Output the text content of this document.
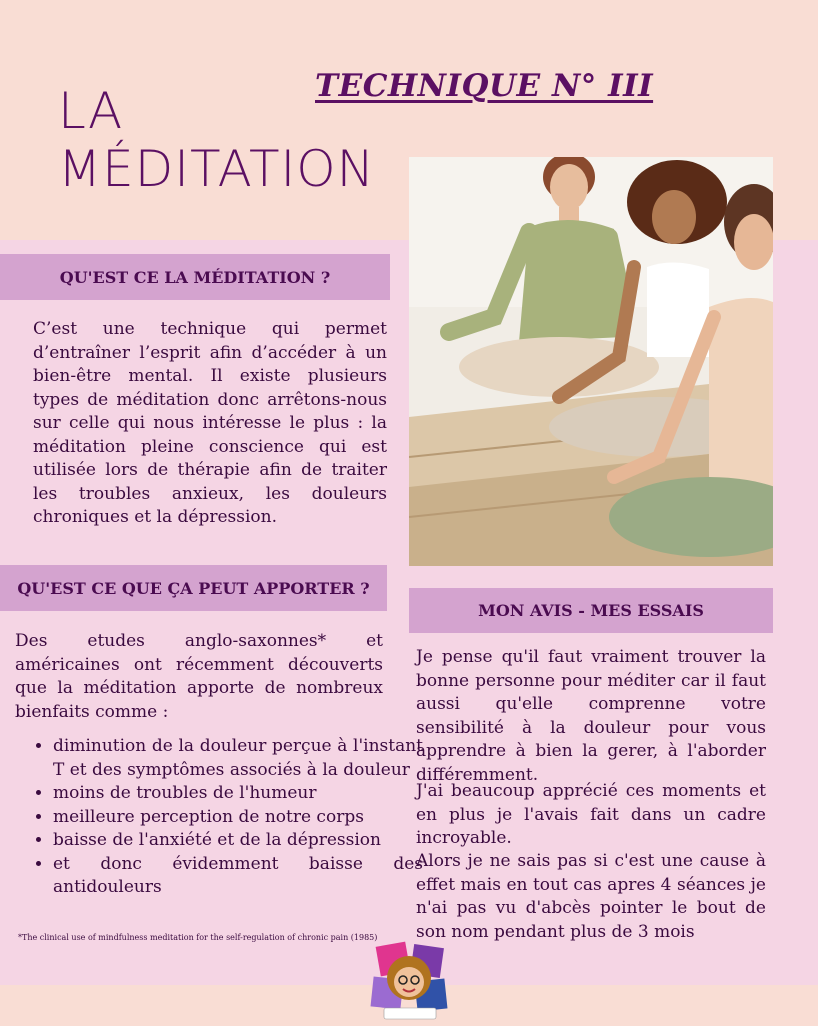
TECHNIQUE N° III
LA
MÉDITATION
QU'EST CE LA MÉDITATION ?
C’est une technique qui permet d’entraîner l’esprit afin d’accéder à un bien-être mental. Il existe plusieurs types de méditation donc arrêtons-nous sur celle qui nous intéresse le plus : la méditation pleine conscience qui est utilisée lors de thérapie afin de traiter les troubles anxieux, les douleurs chroniques et la dépression.
QU'EST CE QUE ÇA PEUT APPORTER ?
Des etudes anglo-saxonnes* et américaines ont récemment découverts que la méditation apporte de nombreux bienfaits comme :
• diminution de la douleur perçue à l'instant T et des symptômes associés à la douleur
• moins de troubles de l'humeur
• meilleure perception de notre corps
• baisse de l'anxiété et de la dépression
• et donc évidemment baisse des antidouleurs
*The clinical use of mindfulness meditation for the self-regulation of chronic pain (1985)
MON AVIS - MES ESSAIS
Je pense qu'il faut vraiment trouver la bonne personne pour méditer car il faut aussi qu'elle comprenne votre sensibilité à la douleur pour vous apprendre à bien la gerer, à l'aborder différemment.
J'ai beaucoup apprécié ces moments et en plus je l'avais fait dans un cadre incroyable.
Alors je ne sais pas si c'est une cause à effet mais en tout cas apres 4 séances je n'ai pas vu d'abcès pointer le bout de son nom pendant plus de 3 mois
